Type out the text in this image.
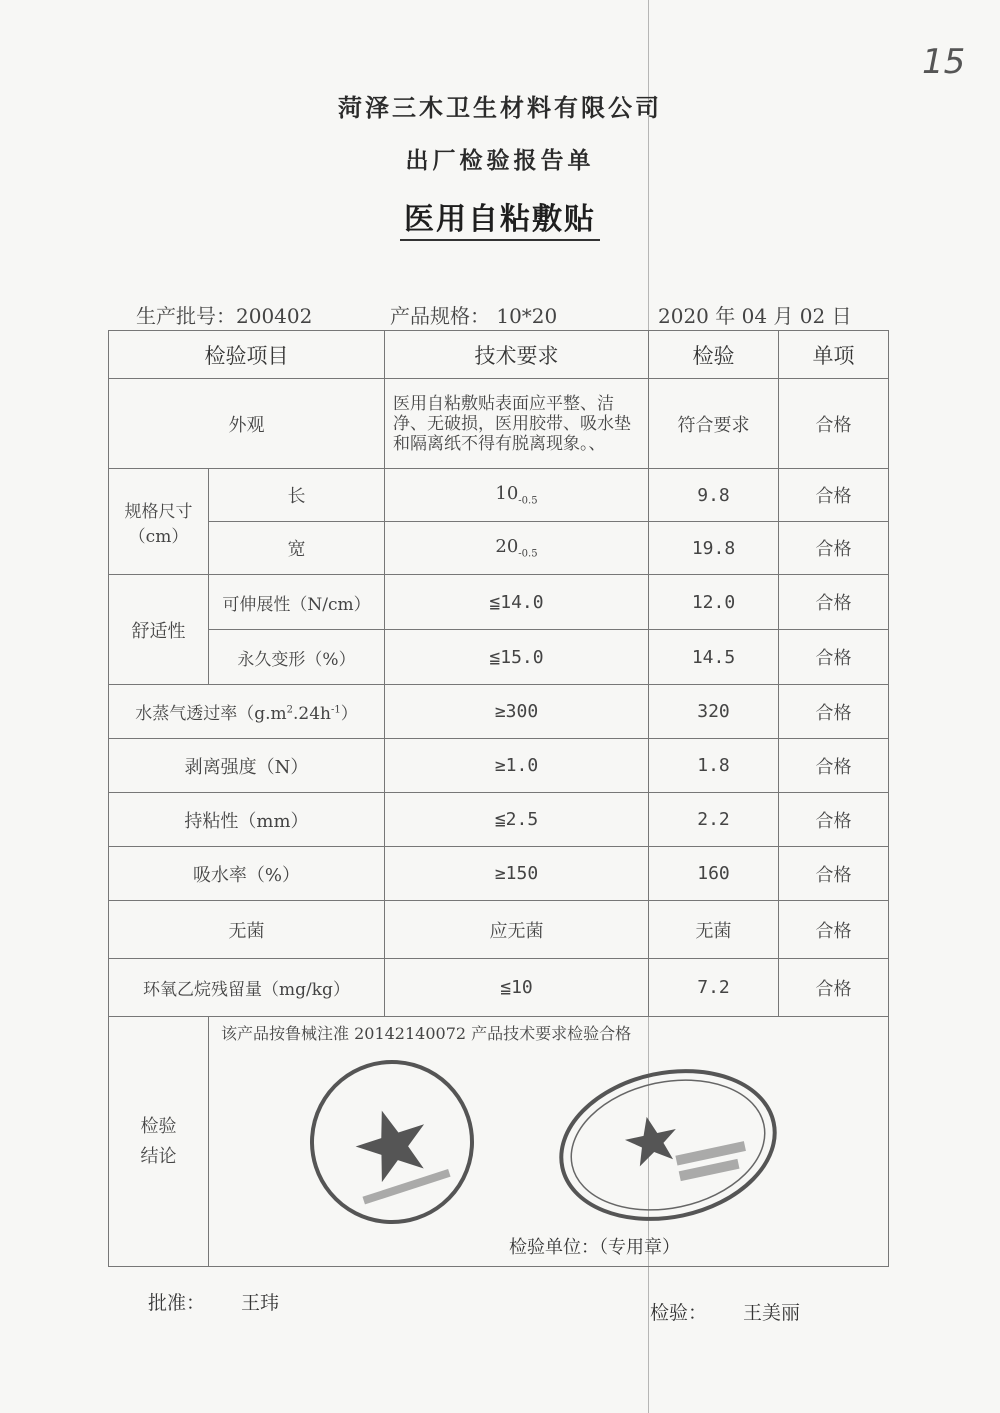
15
菏泽三木卫生材料有限公司
出厂检验报告单
医用自粘敷贴
生产批号：200402	产品规格： 10*20	2020 年 04 月 02 日
检验项目		技术要求	检验	单项
外观		医用自粘敷贴表面应平整、洁净、无破损，医用胶带、吸水垫和隔离纸不得有脱离现象。、	符合要求	合格
规格尺寸（cm）	长	$10_{-0.5}$	9.8	合格
	宽	$20_{-0.5}$	19.8	合格
舒适性	可伸展性（N/cm）	≦14.0	12.0	合格
	永久变形（%）	≦15.0	14.5	合格
水蒸气透过率$(g.m^2.24h^{-1})$		≥300	320	合格
剥离强度（N）		≥1.0	1.8	合格
持粘性（mm）		≦2.5	2.2	合格
吸水率（%）		≥150	160	合格
无菌		应无菌	无菌	合格
环氧乙烷残留量（mg/kg）		≦10	7.2	合格
检验结论	该产品按鲁械注准 20142140072 产品技术要求检验合格
检验单位：（专用章）			
批准： 王玮	检验： 王美丽
